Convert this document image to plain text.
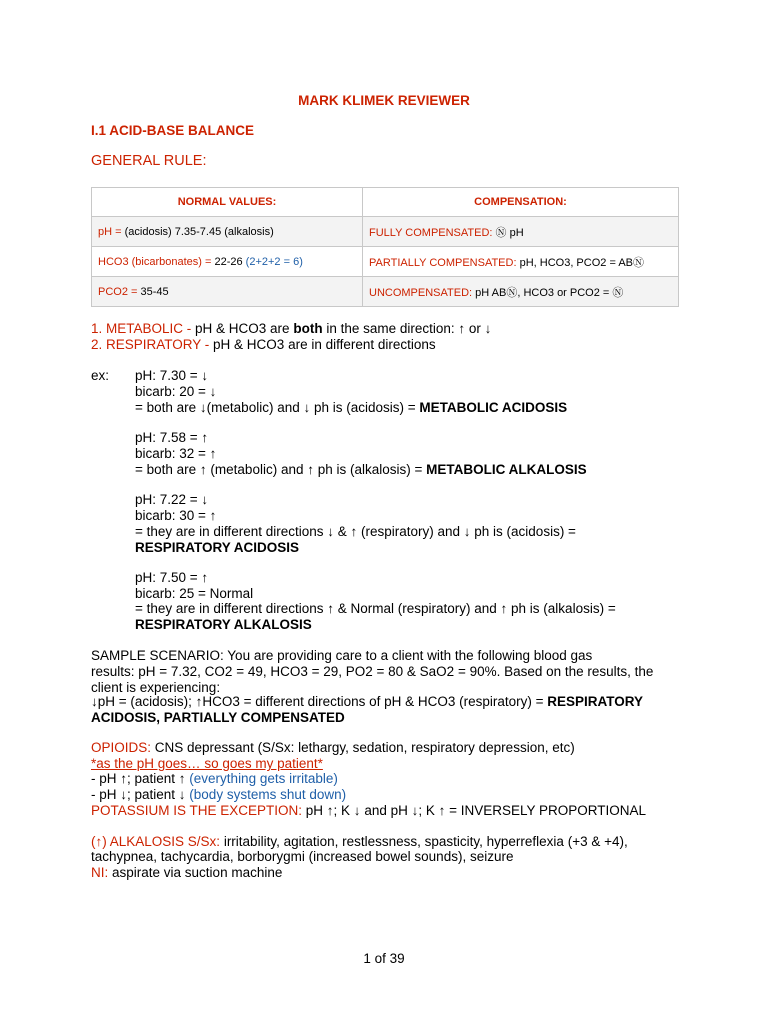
MARK KLIMEK REVIEWER
I.1 ACID-BASE BALANCE
GENERAL RULE:
NORMAL VALUES:	COMPENSATION:
pH = (acidosis) 7.35-7.45 (alkalosis)	FULLY COMPENSATED: Ⓝ pH
HCO3 (bicarbonates) = 22-26 (2+2+2 = 6)	PARTIALLY COMPENSATED: pH, HCO3, PCO2 = ABⓃ
PCO2 = 35-45	UNCOMPENSATED: pH ABⓃ, HCO3 or PCO2 = Ⓝ
1. METABOLIC - pH & HCO3 are both in the same direction: ↑ or ↓
2. RESPIRATORY - pH & HCO3 are in different directions
ex: pH: 7.30 = ↓
bicarb: 20 = ↓
= both are ↓(metabolic) and ↓ ph is (acidosis) = METABOLIC ACIDOSIS
pH: 7.58 = ↑
bicarb: 32 = ↑
= both are ↑ (metabolic) and ↑ ph is (alkalosis) = METABOLIC ALKALOSIS
pH: 7.22 = ↓
bicarb: 30 = ↑
= they are in different directions ↓ & ↑ (respiratory) and ↓ ph is (acidosis) =
RESPIRATORY ACIDOSIS
pH: 7.50 = ↑
bicarb: 25 = Normal
= they are in different directions ↑ & Normal (respiratory) and ↑ ph is (alkalosis) =
RESPIRATORY ALKALOSIS
SAMPLE SCENARIO: You are providing care to a client with the following blood gas
results: pH = 7.32, CO2 = 49, HCO3 = 29, PO2 = 80 & SaO2 = 90%. Based on the results, the
client is experiencing:
↓pH = (acidosis); ↑HCO3 = different directions of pH & HCO3 (respiratory) = RESPIRATORY
ACIDOSIS, PARTIALLY COMPENSATED
OPIOIDS: CNS depressant (S/Sx: lethargy, sedation, respiratory depression, etc)
*as the pH goes… so goes my patient*
- pH ↑; patient ↑ (everything gets irritable)
- pH ↓; patient ↓ (body systems shut down)
POTASSIUM IS THE EXCEPTION: pH ↑; K ↓ and pH ↓; K ↑ = INVERSELY PROPORTIONAL
(↑) ALKALOSIS S/Sx: irritability, agitation, restlessness, spasticity, hyperreflexia (+3 & +4),
tachypnea, tachycardia, borborygmi (increased bowel sounds), seizure
NI: aspirate via suction machine
1 of 39
